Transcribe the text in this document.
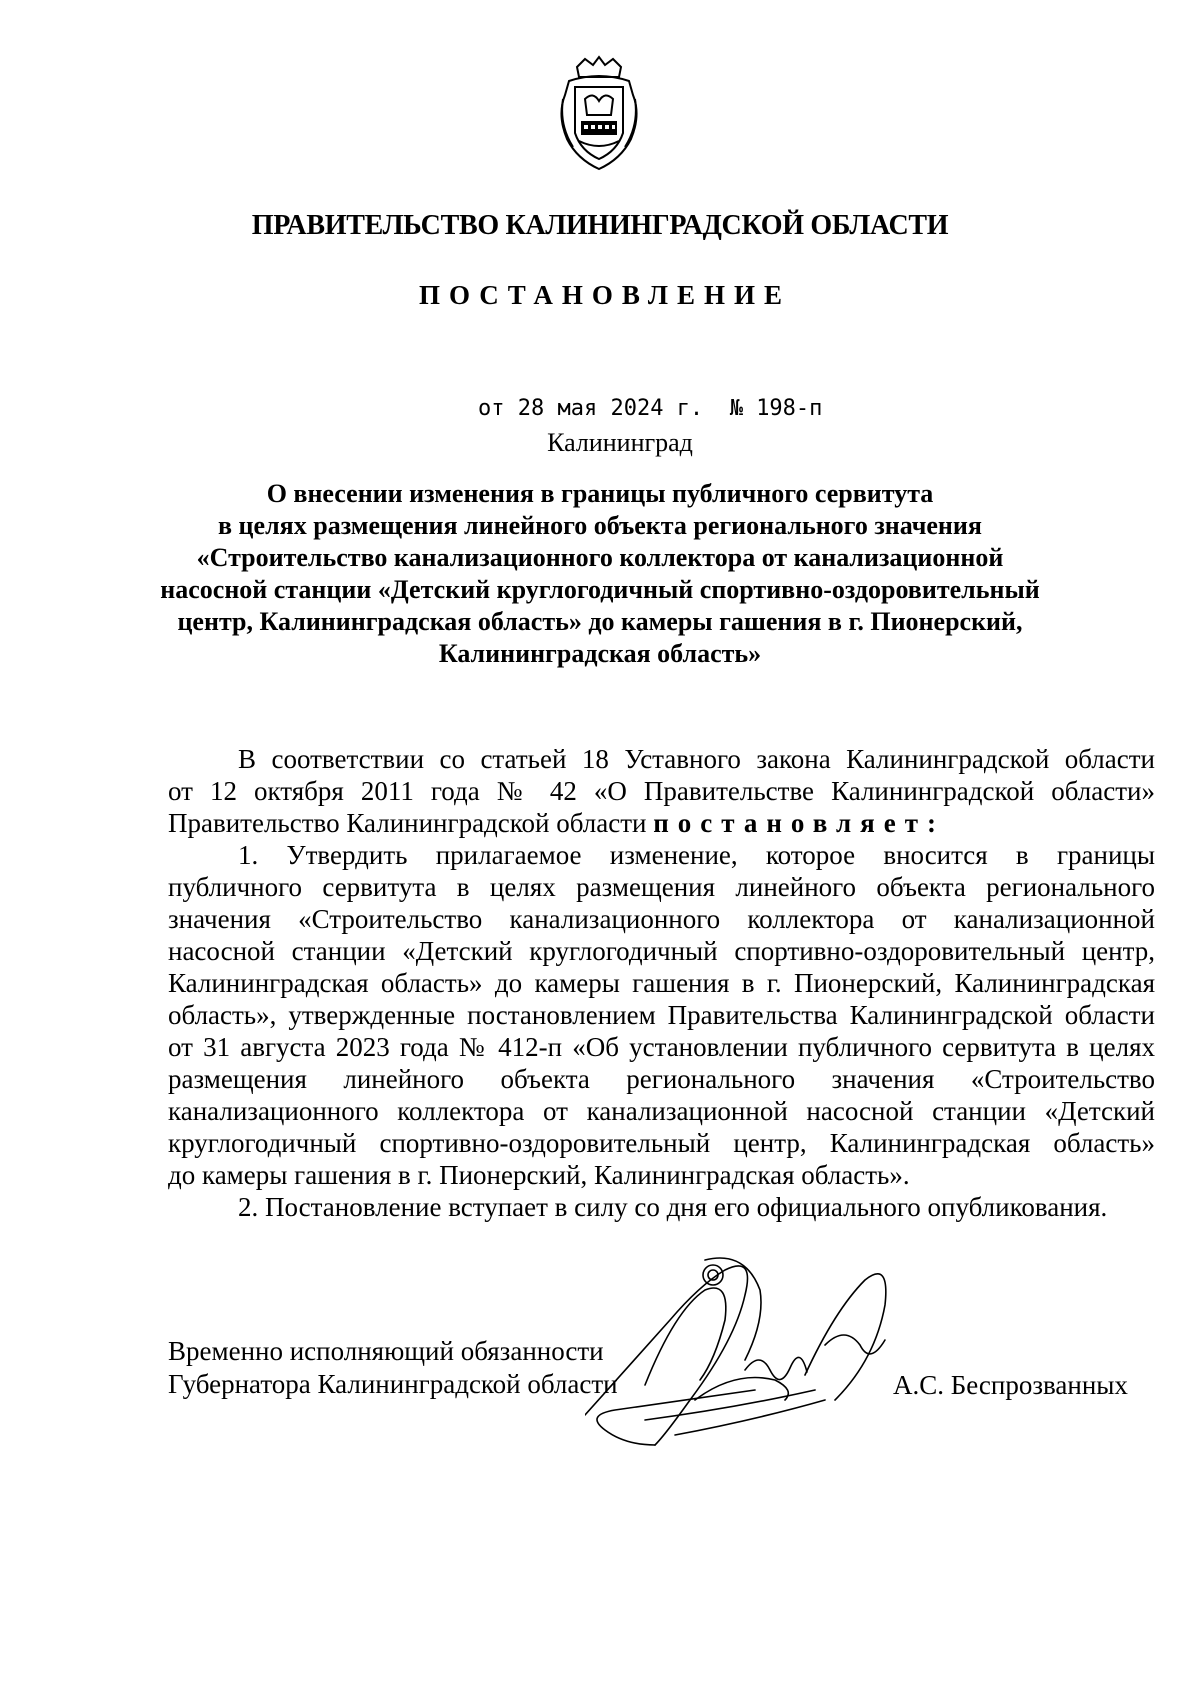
ПРАВИТЕЛЬСТВО КАЛИНИНГРАДСКОЙ ОБЛАСТИ
ПОСТАНОВЛЕНИЕ
от 28 мая 2024 г. № 198-п
Калининград
О внесении изменения в границы публичного сервитута
в целях размещения линейного объекта регионального значения
«Строительство канализационного коллектора от канализационной
насосной станции «Детский круглогодичный спортивно-оздоровительный
центр, Калининградская область» до камеры гашения в г. Пионерский,
Калининградская область»
В соответствии со статьей 18 Уставного закона Калининградской области
от 12 октября 2011 года № 42 «О Правительстве Калининградской области»
Правительство Калининградской области постановляет:
1. Утвердить прилагаемое изменение, которое вносится в границы
публичного сервитута в целях размещения линейного объекта регионального
значения «Строительство канализационного коллектора от канализационной
насосной станции «Детский круглогодичный спортивно-оздоровительный центр,
Калининградская область» до камеры гашения в г. Пионерский, Калининградская
область», утвержденные постановлением Правительства Калининградской области
от 31 августа 2023 года № 412-п «Об установлении публичного сервитута в целях
размещения линейного объекта регионального значения «Строительство
канализационного коллектора от канализационной насосной станции «Детский
круглогодичный спортивно-оздоровительный центр, Калининградская область»
до камеры гашения в г. Пионерский, Калининградская область».
2. Постановление вступает в силу со дня его официального опубликования.
Временно исполняющий обязанности
Губернатора Калининградской области	А.С. Беспрозванных
